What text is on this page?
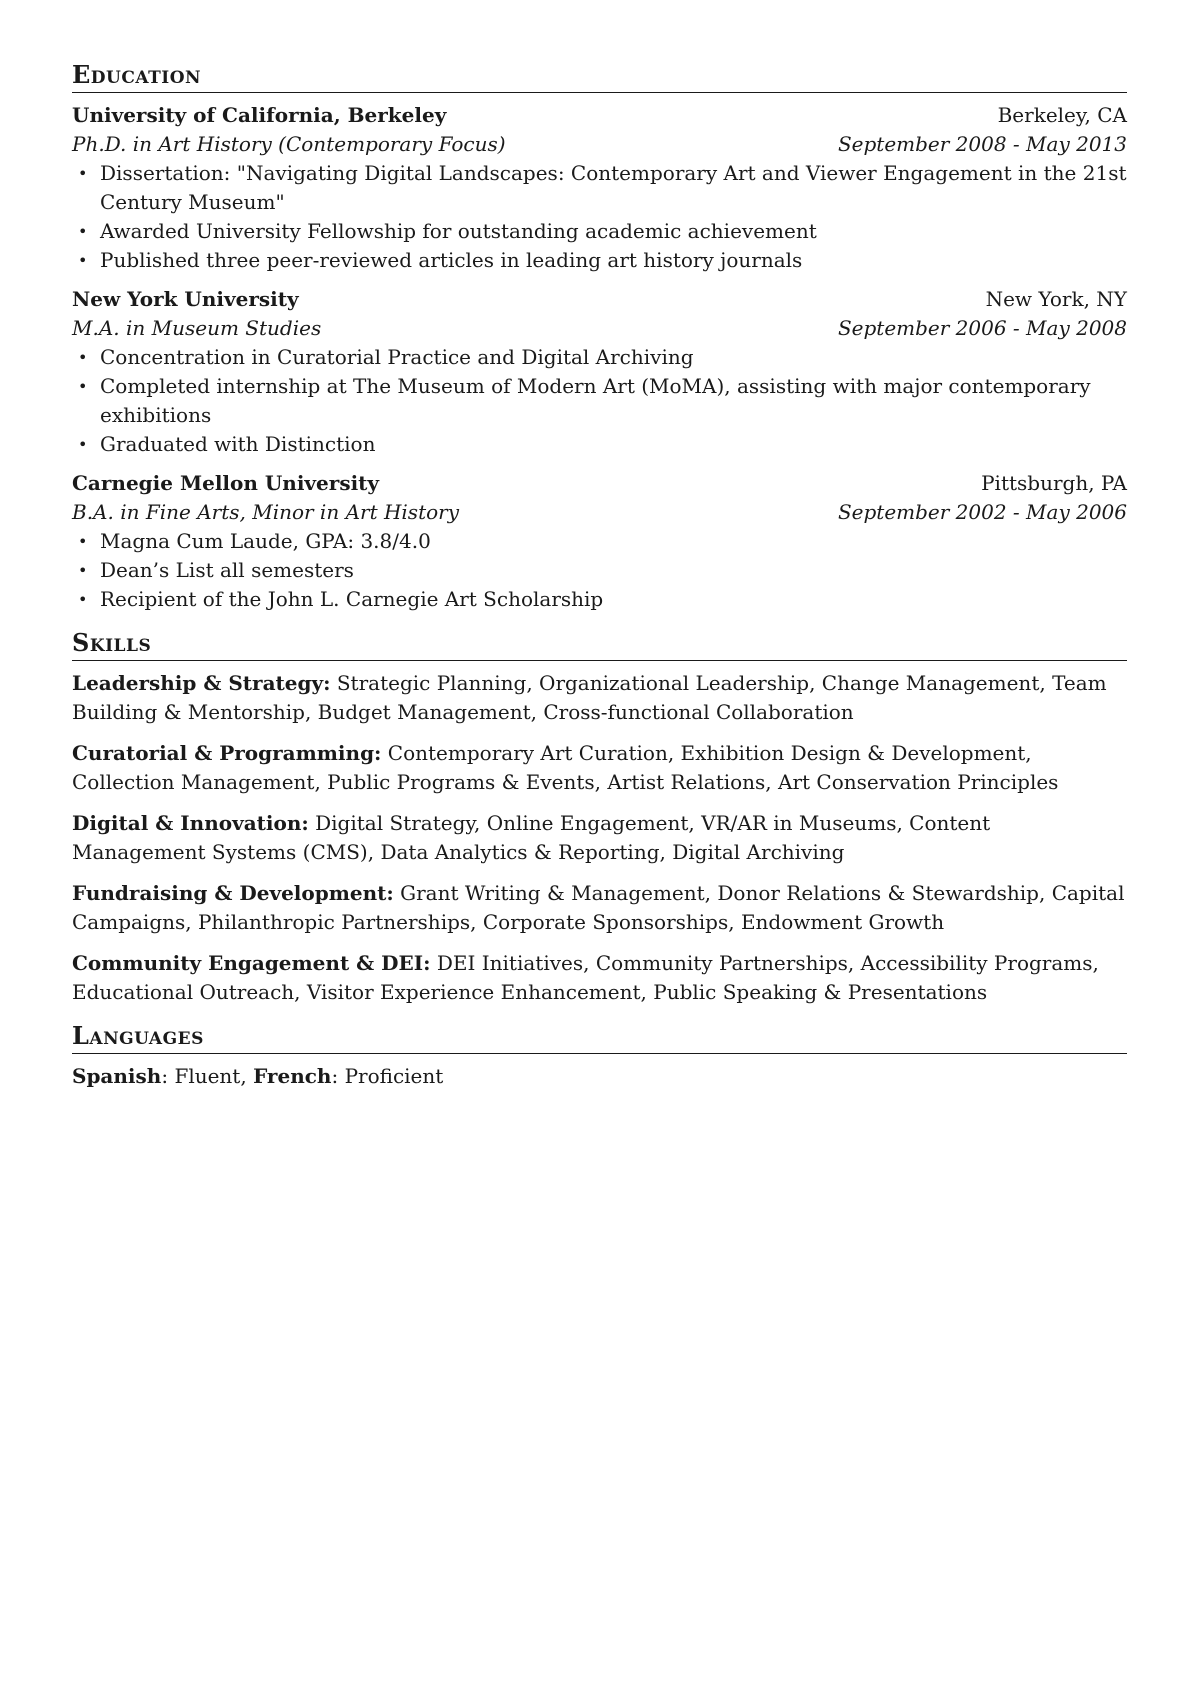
Education
University of California, Berkeley	Berkeley, CA
Ph.D. in Art History (Contemporary Focus)	September 2008 - May 2013
• Dissertation: "Navigating Digital Landscapes: Contemporary Art and Viewer Engagement in the 21st Century Museum"
• Awarded University Fellowship for outstanding academic achievement
• Published three peer-reviewed articles in leading art history journals
New York University	New York, NY
M.A. in Museum Studies	September 2006 - May 2008
• Concentration in Curatorial Practice and Digital Archiving
• Completed internship at The Museum of Modern Art (MoMA), assisting with major contemporary exhibitions
• Graduated with Distinction
Carnegie Mellon University	Pittsburgh, PA
B.A. in Fine Arts, Minor in Art History	September 2002 - May 2006
• Magna Cum Laude, GPA: 3.8/4.0
• Dean’s List all semesters
• Recipient of the John L. Carnegie Art Scholarship
Skills
Leadership & Strategy: Strategic Planning, Organizational Leadership, Change Management, Team Building & Mentorship, Budget Management, Cross-functional Collaboration
Curatorial & Programming: Contemporary Art Curation, Exhibition Design & Development, Collection Management, Public Programs & Events, Artist Relations, Art Conservation Principles
Digital & Innovation: Digital Strategy, Online Engagement, VR/AR in Museums, Content Management Systems (CMS), Data Analytics & Reporting, Digital Archiving
Fundraising & Development: Grant Writing & Management, Donor Relations & Stewardship, Capital Campaigns, Philanthropic Partnerships, Corporate Sponsorships, Endowment Growth
Community Engagement & DEI: DEI Initiatives, Community Partnerships, Accessibility Programs, Educational Outreach, Visitor Experience Enhancement, Public Speaking & Presentations
Languages
Spanish: Fluent, French: Proficient
